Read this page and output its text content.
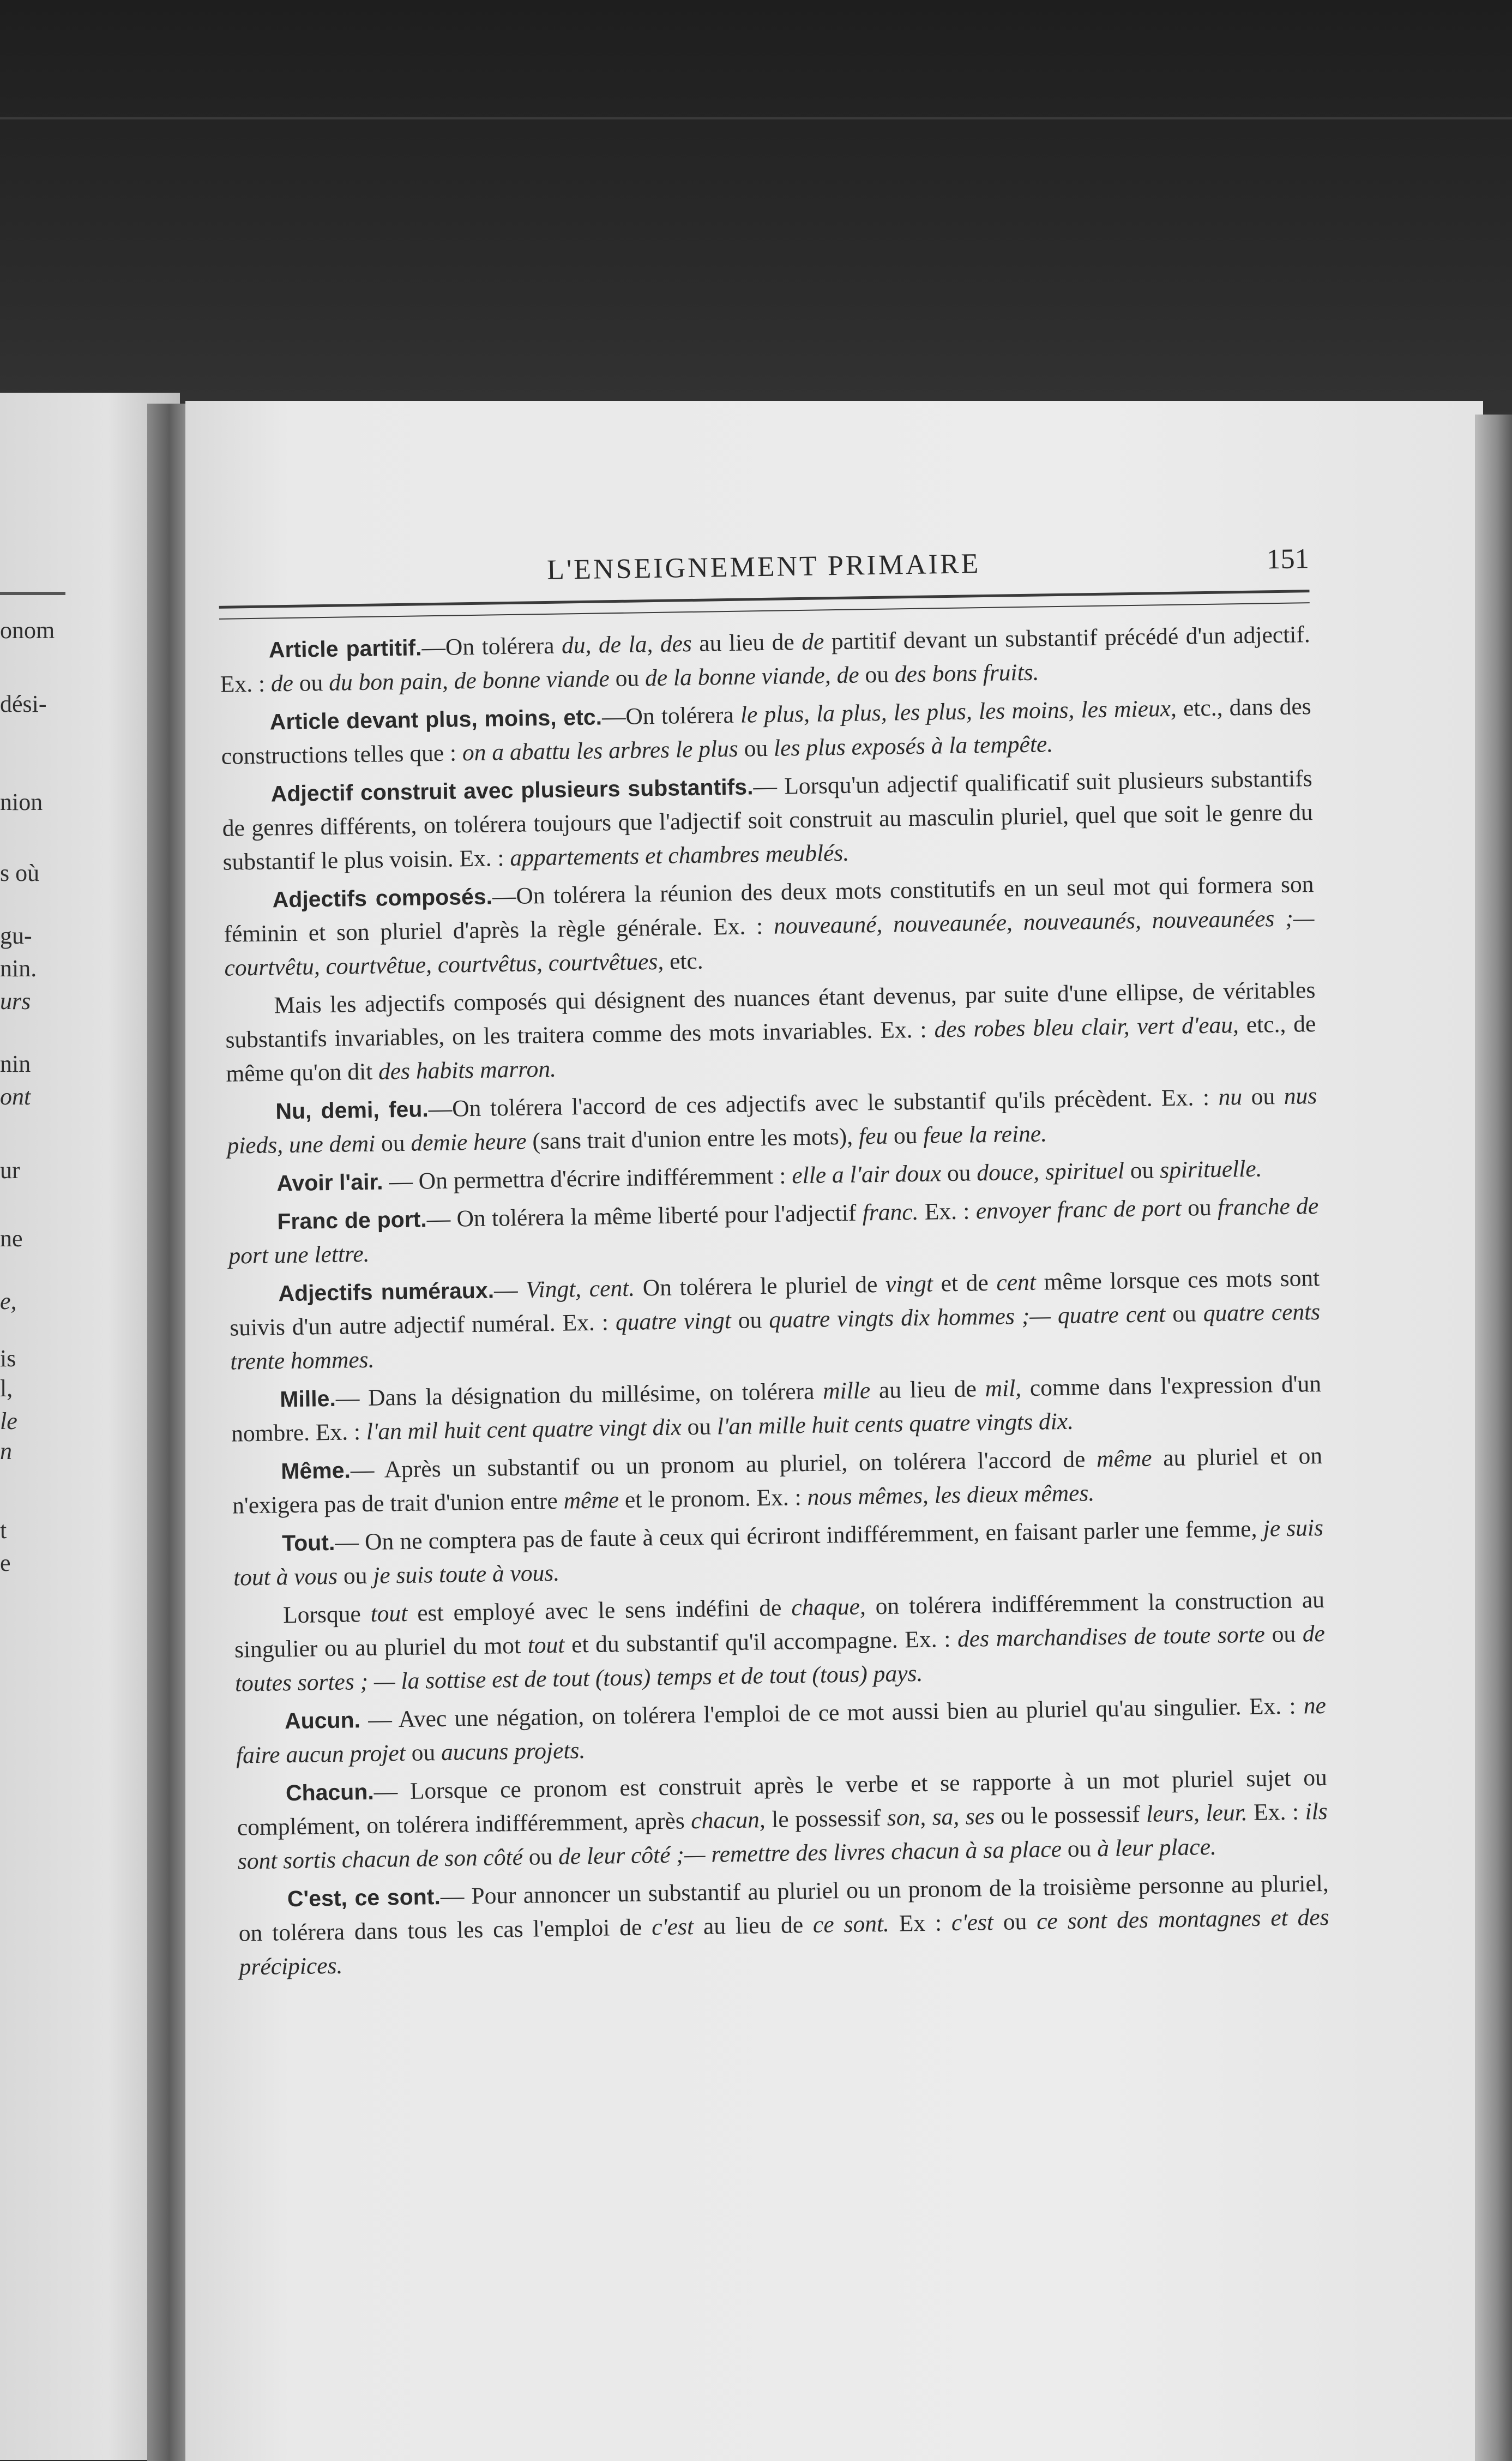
onom
dési-
nion
s où
gu-
nin.
urs
nin
ont
ur
ne
e,
is
l,
le
n
t
e
L'ENSEIGNEMENT PRIMAIRE	151

Article partitif.—On tolérera du, de la, des au lieu de de partitif devant un substantif précédé d'un adjectif. Ex. : de ou du bon pain, de bonne viande ou de la bonne viande, de ou des bons fruits.

Article devant plus, moins, etc.—On tolérera le plus, la plus, les plus, les moins, les mieux, etc., dans des constructions telles que : on a abattu les arbres le plus ou les plus exposés à la tempête.

Adjectif construit avec plusieurs substantifs.— Lorsqu'un adjectif qualificatif suit plusieurs substantifs de genres différents, on tolérera toujours que l'adjectif soit construit au masculin pluriel, quel que soit le genre du substantif le plus voisin. Ex. : appartements et chambres meublés.

Adjectifs composés.—On tolérera la réunion des deux mots constitutifs en un seul mot qui formera son féminin et son pluriel d'après la règle générale. Ex. : nouveauné, nouveaunée, nouveaunés, nouveaunées ;—courtvêtu, courtvêtue, courtvêtus, courtvêtues, etc.

Mais les adjectifs composés qui désignent des nuances étant devenus, par suite d'une ellipse, de véritables substantifs invariables, on les traitera comme des mots invariables. Ex. : des robes bleu clair, vert d'eau, etc., de même qu'on dit des habits marron.

Nu, demi, feu.—On tolérera l'accord de ces adjectifs avec le substantif qu'ils précèdent. Ex. : nu ou nus pieds, une demi ou demie heure (sans trait d'union entre les mots), feu ou feue la reine.

Avoir l'air. — On permettra d'écrire indifféremment : elle a l'air doux ou douce, spirituel ou spirituelle.

Franc de port.— On tolérera la même liberté pour l'adjectif franc. Ex. : envoyer franc de port ou franche de port une lettre.

Adjectifs numéraux.— Vingt, cent. On tolérera le pluriel de vingt et de cent même lorsque ces mots sont suivis d'un autre adjectif numéral. Ex. : quatre vingt ou quatre vingts dix hommes ;— quatre cent ou quatre cents trente hommes.

Mille.— Dans la désignation du millésime, on tolérera mille au lieu de mil, comme dans l'expression d'un nombre. Ex. : l'an mil huit cent quatre vingt dix ou l'an mille huit cents quatre vingts dix.

Même.— Après un substantif ou un pronom au pluriel, on tolérera l'accord de même au pluriel et on n'exigera pas de trait d'union entre même et le pronom. Ex. : nous mêmes, les dieux mêmes.

Tout.— On ne comptera pas de faute à ceux qui écriront indifféremment, en faisant parler une femme, je suis tout à vous ou je suis toute à vous.

Lorsque tout est employé avec le sens indéfini de chaque, on tolérera indifféremment la construction au singulier ou au pluriel du mot tout et du substantif qu'il accompagne. Ex. : des marchandises de toute sorte ou de toutes sortes ; — la sottise est de tout (tous) temps et de tout (tous) pays.

Aucun. — Avec une négation, on tolérera l'emploi de ce mot aussi bien au pluriel qu'au singulier. Ex. : ne faire aucun projet ou aucuns projets.

Chacun.— Lorsque ce pronom est construit après le verbe et se rapporte à un mot pluriel sujet ou complément, on tolérera indifféremment, après chacun, le possessif son, sa, ses ou le possessif leurs, leur. Ex. : ils sont sortis chacun de son côté ou de leur côté ;— remettre des livres chacun à sa place ou à leur place.

C'est, ce sont.— Pour annoncer un substantif au pluriel ou un pronom de la troisième personne au pluriel, on tolérera dans tous les cas l'emploi de c'est au lieu de ce sont. Ex : c'est ou ce sont des montagnes et des précipices.
